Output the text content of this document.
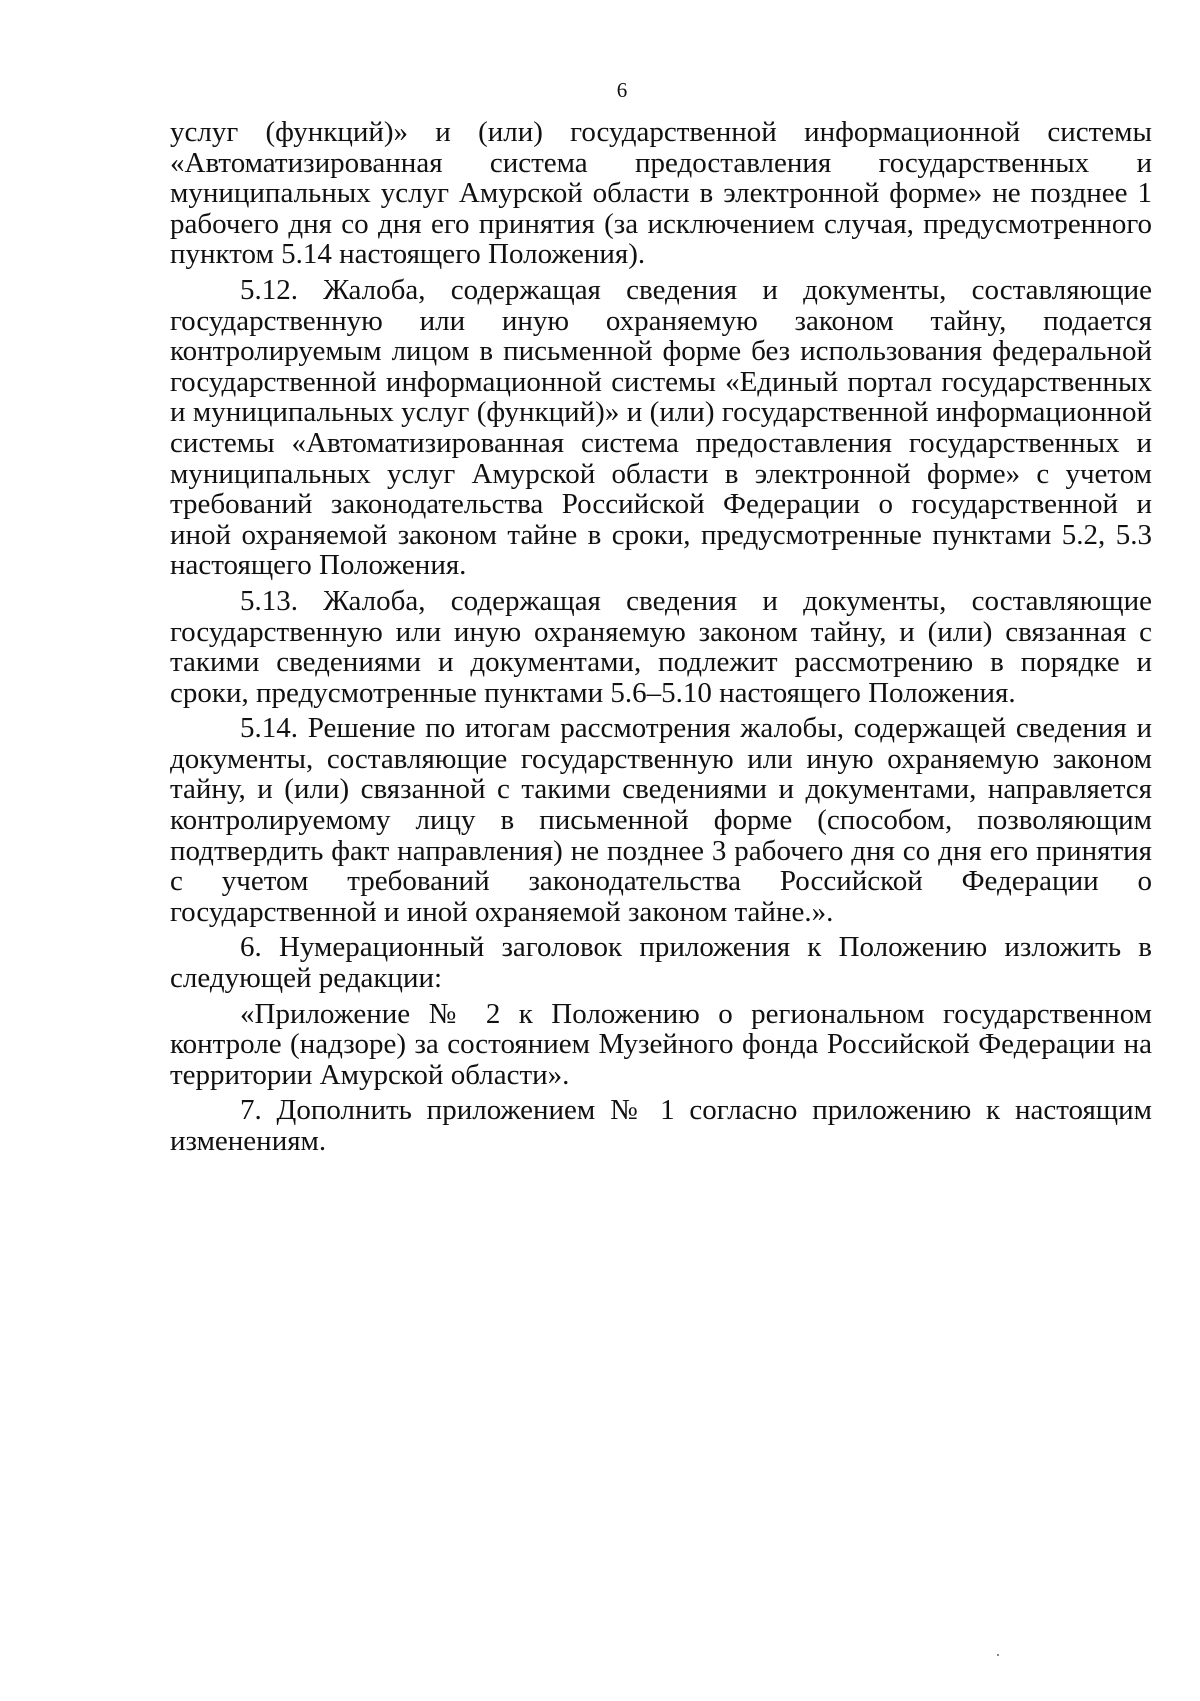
6

услуг (функций)» и (или) государственной информационной системы «Автоматизированная система предоставления государственных и муниципальных услуг Амурской области в электронной форме» не позднее 1 рабочего дня со дня его принятия (за исключением случая, предусмотренного пунктом 5.14 настоящего Положения).

5.12. Жалоба, содержащая сведения и документы, составляющие государственную или иную охраняемую законом тайну, подается контролируемым лицом в письменной форме без использования федеральной государственной информационной системы «Единый портал государственных и муниципальных услуг (функций)» и (или) государственной информационной системы «Автоматизированная система предоставления государственных и муниципальных услуг Амурской области в электронной форме» с учетом требований законодательства Российской Федерации о государственной и иной охраняемой законом тайне в сроки, предусмотренные пунктами 5.2, 5.3 настоящего Положения.

5.13. Жалоба, содержащая сведения и документы, составляющие государственную или иную охраняемую законом тайну, и (или) связанная с такими сведениями и документами, подлежит рассмотрению в порядке и сроки, предусмотренные пунктами 5.6–5.10 настоящего Положения.

5.14. Решение по итогам рассмотрения жалобы, содержащей сведения и документы, составляющие государственную или иную охраняемую законом тайну, и (или) связанной с такими сведениями и документами, направляется контролируемому лицу в письменной форме (способом, позволяющим подтвердить факт направления) не позднее 3 рабочего дня со дня его принятия с учетом требований законодательства Российской Федерации о государственной и иной охраняемой законом тайне.».

6. Нумерационный заголовок приложения к Положению изложить в следующей редакции:

«Приложение № 2 к Положению о региональном государственном контроле (надзоре) за состоянием Музейного фонда Российской Федерации на территории Амурской области».

7. Дополнить приложением № 1 согласно приложению к настоящим изменениям.
